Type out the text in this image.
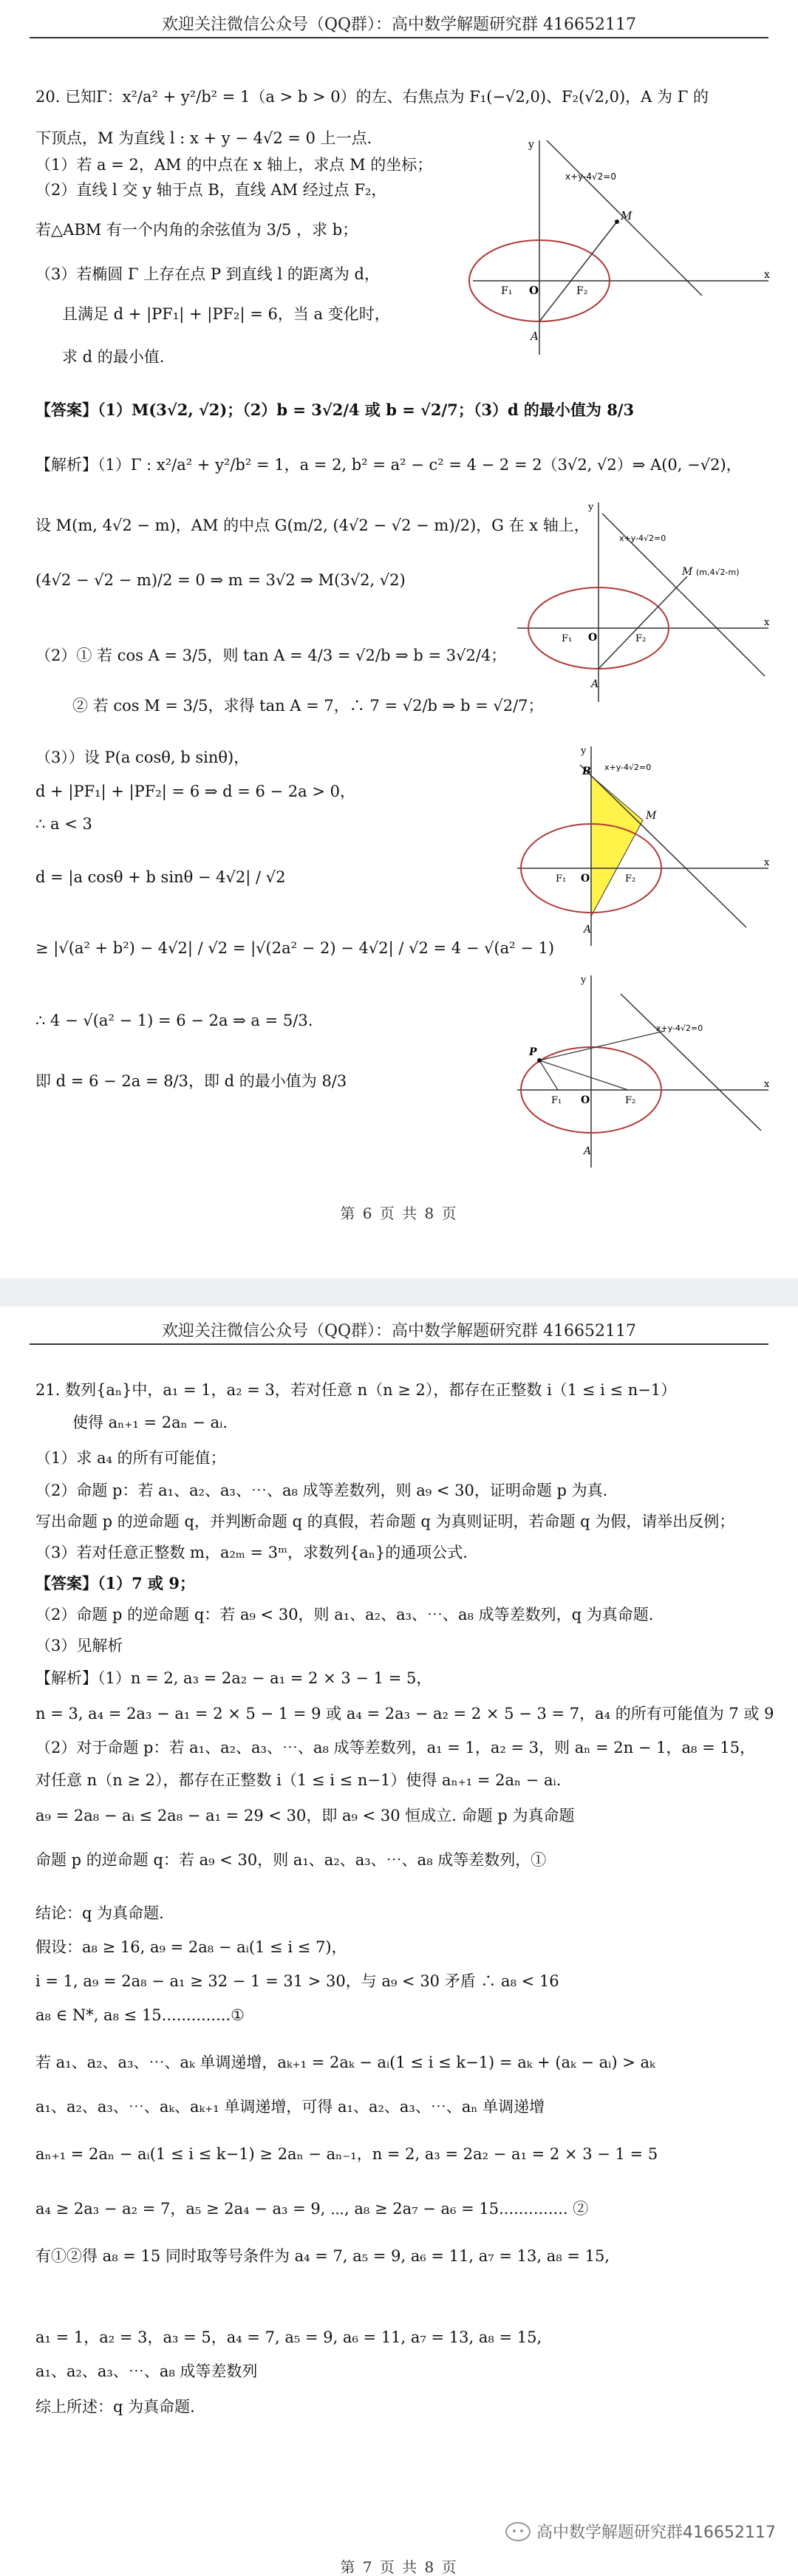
欢迎关注微信公众号（QQ群）：高中数学解题研究群 416652117
20. 已知Γ：x²/a² + y²/b² = 1（a > b > 0）的左、右焦点为 F₁(−√2,0)、F₂(√2,0)，A 为 Γ 的
下顶点，M 为直线 l : x + y − 4√2 = 0 上一点.
（1）若 a = 2，AM 的中点在 x 轴上，求点 M 的坐标；
（2）直线 l 交 y 轴于点 B，直线 AM 经过点 F₂，
若△ABM 有一个内角的余弦值为 3/5 ，求 b；
（3）若椭圆 Γ 上存在点 P 到直线 l 的距离为 d，
且满足 d + |PF₁| + |PF₂| = 6，当 a 变化时，
求 d 的最小值.
【答案】（1）M(3√2, √2)；（2）b = 3√2/4 或 b = √2/7；（3）d 的最小值为 8/3
【解析】（1）Γ : x²/a² + y²/b² = 1，a = 2, b² = a² − c² = 4 − 2 = 2（3√2, √2）⇒ A(0, −√2)，
设 M(m, 4√2 − m)，AM 的中点 G(m/2, (4√2 − √2 − m)/2)，G 在 x 轴上，
(4√2 − √2 − m)/2 = 0 ⇒ m = 3√2 ⇒ M(3√2, √2)
（2）① 若 cos A = 3/5，则 tan A = 4/3 = √2/b ⇒ b = 3√2/4；
② 若 cos M = 3/5，求得 tan A = 7，∴ 7 = √2/b ⇒ b = √2/7；
（3））设 P(a cosθ, b sinθ)，
d + |PF₁| + |PF₂| = 6 ⇒ d = 6 − 2a > 0，
∴ a < 3
d = |a cosθ + b sinθ − 4√2| / √2
≥ |√(a² + b²) − 4√2| / √2 = |√(2a² − 2) − 4√2| / √2 = 4 − √(a² − 1)
∴ 4 − √(a² − 1) = 6 − 2a ⇒ a = 5/3.
即 d = 6 − 2a = 8/3，即 d 的最小值为 8/3
x+y-4√2=0
M
x
y
O
F₁	F₂
A
x+y-4√2=0
M (m,4√2-m)
x
y
O
F₁	F₂
A
x+y-4√2=0
B
M
x
y
O
F₁	F₂
A
x+y-4√2=0
P
x
y
O
F₁	F₂
A
第 6 页 共 8 页
欢迎关注微信公众号（QQ群）：高中数学解题研究群 416652117
21. 数列{aₙ}中，a₁ = 1，a₂ = 3，若对任意 n（n ≥ 2），都存在正整数 i（1 ≤ i ≤ n−1）
使得 aₙ₊₁ = 2aₙ − aᵢ.
（1）求 a₄ 的所有可能值；
（2）命题 p：若 a₁、a₂、a₃、⋯、a₈ 成等差数列，则 a₉ < 30，证明命题 p 为真.
写出命题 p 的逆命题 q，并判断命题 q 的真假，若命题 q 为真则证明，若命题 q 为假，请举出反例；
（3）若对任意正整数 m，a₂ₘ = 3ᵐ，求数列{aₙ}的通项公式.
【答案】（1）7 或 9；
（2）命题 p 的逆命题 q：若 a₉ < 30，则 a₁、a₂、a₃、⋯、a₈ 成等差数列，q 为真命题.
（3）见解析
【解析】（1）n = 2, a₃ = 2a₂ − a₁ = 2 × 3 − 1 = 5，
n = 3, a₄ = 2a₃ − a₁ = 2 × 5 − 1 = 9 或 a₄ = 2a₃ − a₂ = 2 × 5 − 3 = 7，a₄ 的所有可能值为 7 或 9
（2）对于命题 p：若 a₁、a₂、a₃、⋯、a₈ 成等差数列，a₁ = 1，a₂ = 3，则 aₙ = 2n − 1，a₈ = 15，
对任意 n（n ≥ 2），都存在正整数 i（1 ≤ i ≤ n−1）使得 aₙ₊₁ = 2aₙ − aᵢ.
a₉ = 2a₈ − aᵢ ≤ 2a₈ − a₁ = 29 < 30，即 a₉ < 30 恒成立. 命题 p 为真命题
命题 p 的逆命题 q：若 a₉ < 30，则 a₁、a₂、a₃、⋯、a₈ 成等差数列，①
结论：q 为真命题.
假设：a₈ ≥ 16, a₉ = 2a₈ − aᵢ(1 ≤ i ≤ 7)，
i = 1, a₉ = 2a₈ − a₁ ≥ 32 − 1 = 31 > 30，与 a₉ < 30 矛盾 ∴ a₈ < 16
a₈ ∈ N*, a₈ ≤ 15..............①
若 a₁、a₂、a₃、⋯、aₖ 单调递增，aₖ₊₁ = 2aₖ − aᵢ(1 ≤ i ≤ k−1) = aₖ + (aₖ − aᵢ) > aₖ
a₁、a₂、a₃、⋯、aₖ、aₖ₊₁ 单调递增，可得 a₁、a₂、a₃、⋯、aₙ 单调递增
aₙ₊₁ = 2aₙ − aᵢ(1 ≤ i ≤ k−1) ≥ 2aₙ − aₙ₋₁，n = 2, a₃ = 2a₂ − a₁ = 2 × 3 − 1 = 5
a₄ ≥ 2a₃ − a₂ = 7，a₅ ≥ 2a₄ − a₃ = 9, ⋯, a₈ ≥ 2a₇ − a₆ = 15.............. ②
有①②得 a₈ = 15 同时取等号条件为 a₄ = 7, a₅ = 9, a₆ = 11, a₇ = 13, a₈ = 15,
a₁ = 1，a₂ = 3，a₃ = 5，a₄ = 7, a₅ = 9, a₆ = 11, a₇ = 13, a₈ = 15,
a₁、a₂、a₃、⋯、a₈ 成等差数列
综上所述：q 为真命题.
高中数学解题研究群416652117
第 7 页 共 8 页
